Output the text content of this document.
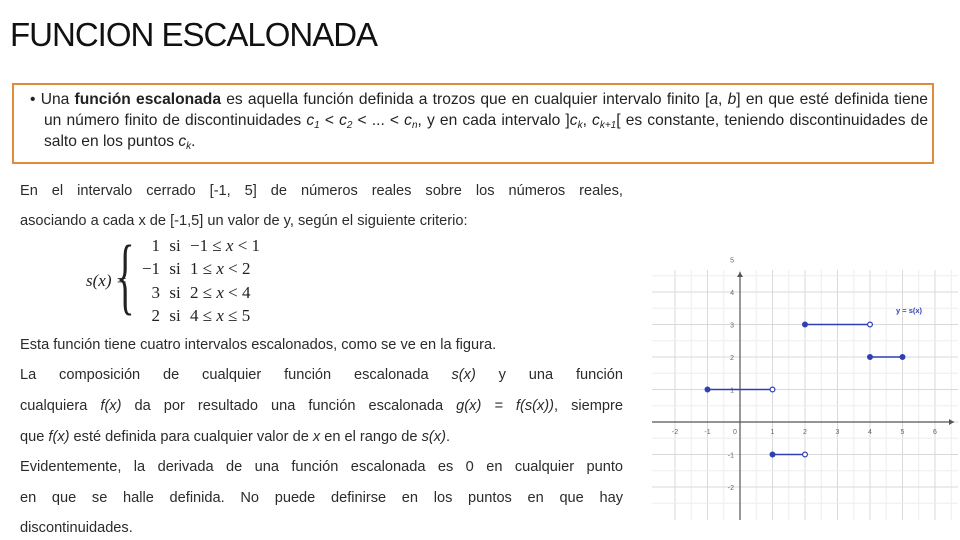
FUNCION ESCALONADA

• Una función escalonada es aquella función definida a trozos que en cualquier intervalo finito [a, b] en que esté definida tiene un número finito de discontinuidades $c_1 < c_2$ < ... < $c_n$, y en cada intervalo ]$c_k$, $c_{k+1}$[ es constante, teniendo discontinuidades de salto en los puntos $c_k$.

En el intervalo cerrado [-1, 5] de números reales sobre los números reales,

asociando a cada x de [-1,5] un valor de y, según el siguiente criterio:

s(x) =
{ 1 si −1 ≤ x < 1
−1 si 1 ≤ x < 2
3 si 2 ≤ x < 4
2 si 4 ≤ x ≤ 5

Esta función tiene cuatro intervalos escalonados, como se ve en la figura.

La composición de cualquier función escalonada s(x) y una función

cualquiera f(x) da por resultado una función escalonada g(x) = f(s(x)), siempre

que f(x) esté definida para cualquier valor de x en el rango de s(x).

Evidentemente, la derivada de una función escalonada es 0 en cualquier punto

en que se halle definida. No puede definirse en los puntos en que hay

discontinuidades.

-2	-1	0	1	2	3	4	5	6
5
4
3
2
1
-1
-2
y = s(x)
